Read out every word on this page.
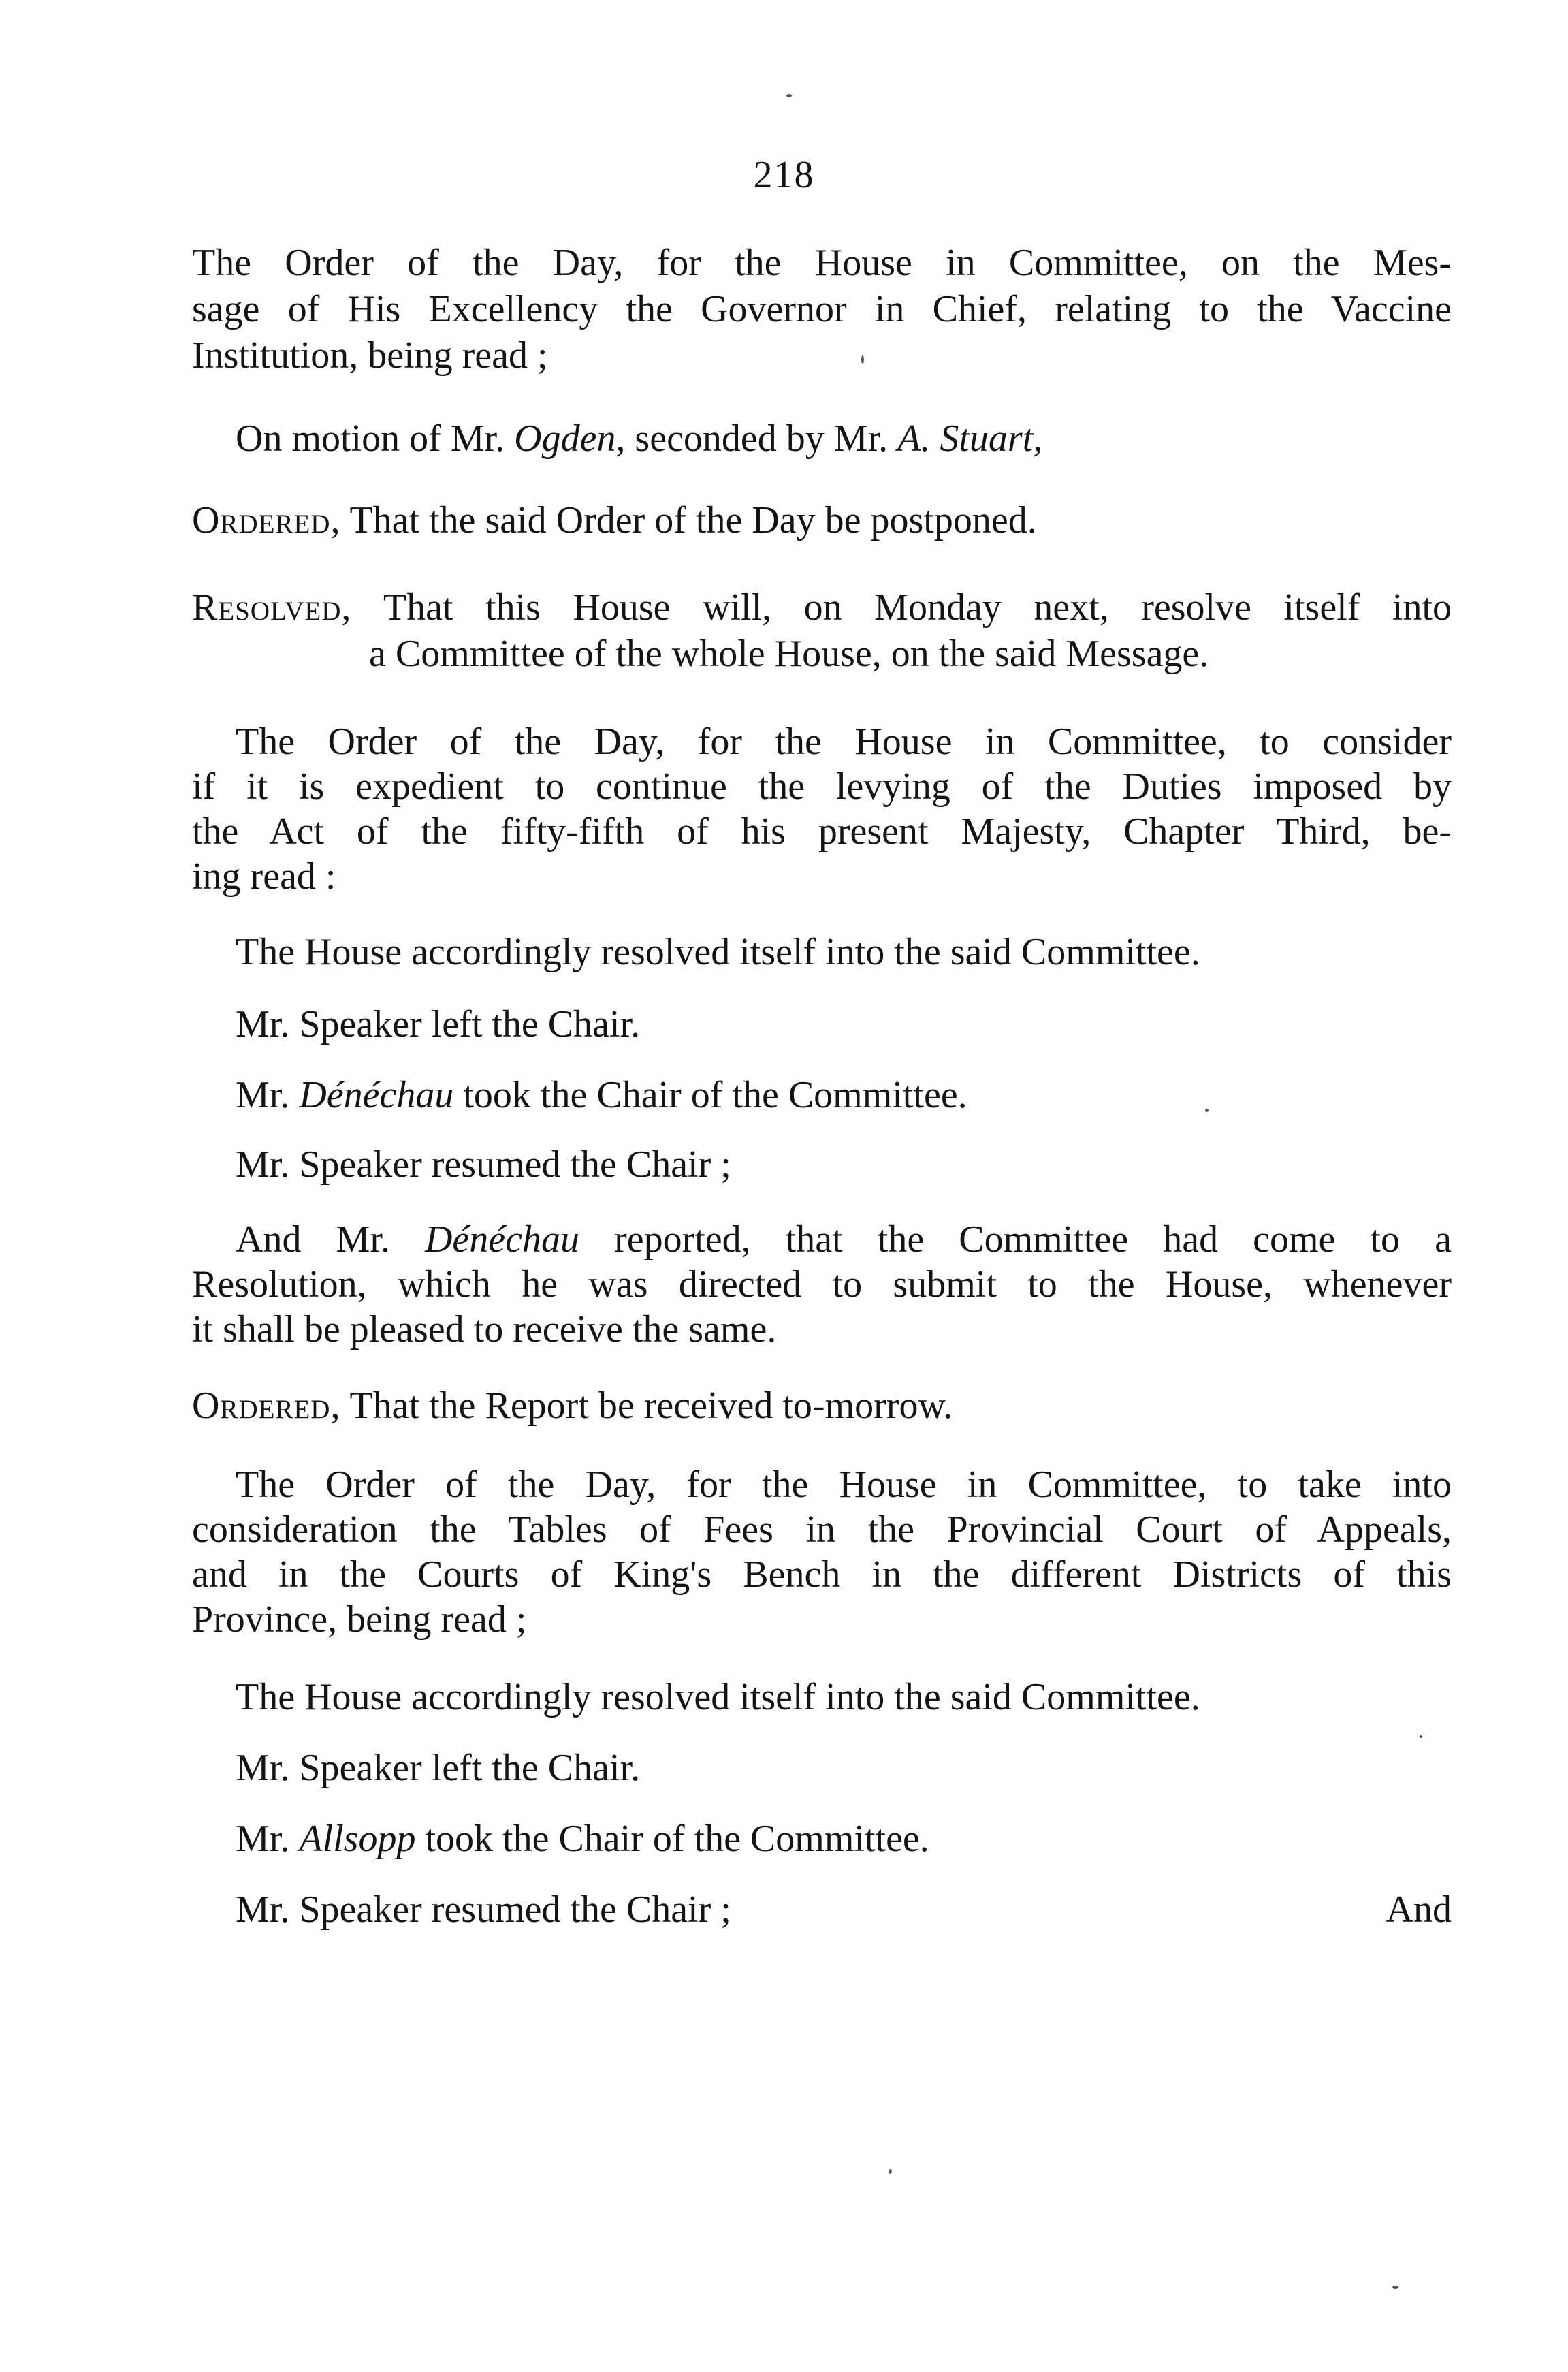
218
The Order of the Day, for the House in Committee, on the Mes-
sage of His Excellency the Governor in Chief, relating to the Vaccine
Institution, being read ;
On motion of Mr. Ogden, seconded by Mr. A. Stuart,
Ordered, That the said Order of the Day be postponed.
Resolved, That this House will, on Monday next, resolve itself into
a Committee of the whole House, on the said Message.
The Order of the Day, for the House in Committee, to consider
if it is expedient to continue the levying of the Duties imposed by
the Act of the fifty-fifth of his present Majesty, Chapter Third, be-
ing read :
The House accordingly resolved itself into the said Committee.
Mr. Speaker left the Chair.
Mr. Dénéchau took the Chair of the Committee.
Mr. Speaker resumed the Chair ;
And Mr. Dénéchau reported, that the Committee had come to a
Resolution, which he was directed to submit to the House, whenever
it shall be pleased to receive the same.
Ordered, That the Report be received to-morrow.
The Order of the Day, for the House in Committee, to take into
consideration the Tables of Fees in the Provincial Court of Appeals,
and in the Courts of King's Bench in the different Districts of this
Province, being read ;
The House accordingly resolved itself into the said Committee.
Mr. Speaker left the Chair.
Mr. Allsopp took the Chair of the Committee.
Mr. Speaker resumed the Chair ;	And
